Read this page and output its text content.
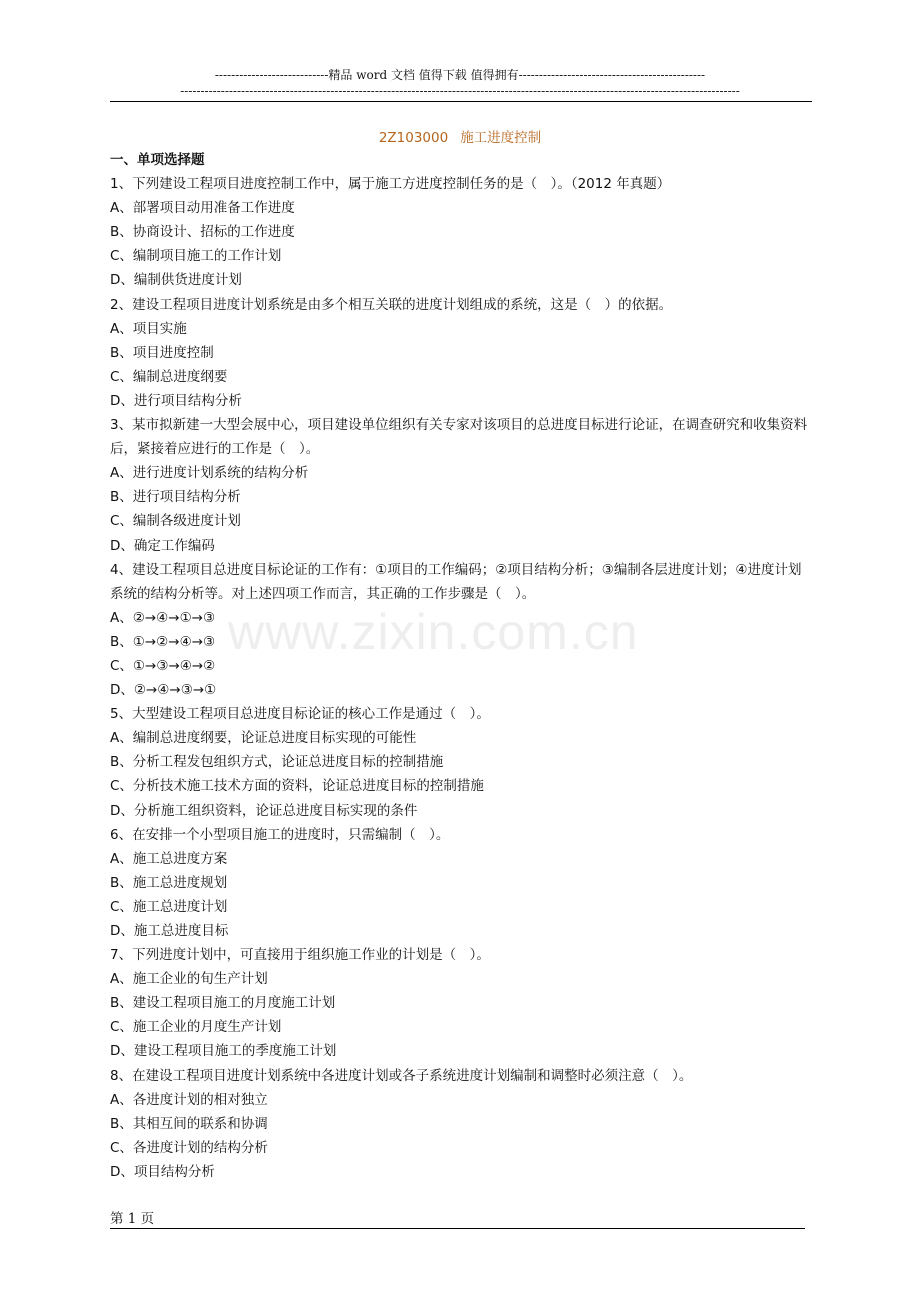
----------------------------精品 word 文档 值得下载 值得拥有----------------------------------------------
------------------------------------------------------------------------------------------------------------------------------------------
2Z103000 施工进度控制
一、单项选择题
1、下列建设工程项目进度控制工作中，属于施工方进度控制任务的是（　）。（2012 年真题）
A、部署项目动用准备工作进度
B、协商设计、招标的工作进度
C、编制项目施工的工作计划
D、编制供货进度计划
2、建设工程项目进度计划系统是由多个相互关联的进度计划组成的系统，这是（　）的依据。
A、项目实施
B、项目进度控制
C、编制总进度纲要
D、进行项目结构分析
3、某市拟新建一大型会展中心，项目建设单位组织有关专家对该项目的总进度目标进行论证，在调查研究和收集资料后，紧接着应进行的工作是（　）。
A、进行进度计划系统的结构分析
B、进行项目结构分析
C、编制各级进度计划
D、确定工作编码
4、建设工程项目总进度目标论证的工作有：①项目的工作编码；②项目结构分析；③编制各层进度计划；④进度计划系统的结构分析等。对上述四项工作而言，其正确的工作步骤是（　）。
A、②→④→①→③
B、①→②→④→③
C、①→③→④→②
D、②→④→③→①
5、大型建设工程项目总进度目标论证的核心工作是通过（　）。
A、编制总进度纲要，论证总进度目标实现的可能性
B、分析工程发包组织方式，论证总进度目标的控制措施
C、分析技术施工技术方面的资料，论证总进度目标的控制措施
D、分析施工组织资料，论证总进度目标实现的条件
6、在安排一个小型项目施工的进度时，只需编制（　）。
A、施工总进度方案
B、施工总进度规划
C、施工总进度计划
D、施工总进度目标
7、下列进度计划中，可直接用于组织施工作业的计划是（　）。
A、施工企业的旬生产计划
B、建设工程项目施工的月度施工计划
C、施工企业的月度生产计划
D、建设工程项目施工的季度施工计划
8、在建设工程项目进度计划系统中各进度计划或各子系统进度计划编制和调整时必须注意（　）。
A、各进度计划的相对独立
B、其相互间的联系和协调
C、各进度计划的结构分析
D、项目结构分析
www.zixin.com.cn
第 1 页
